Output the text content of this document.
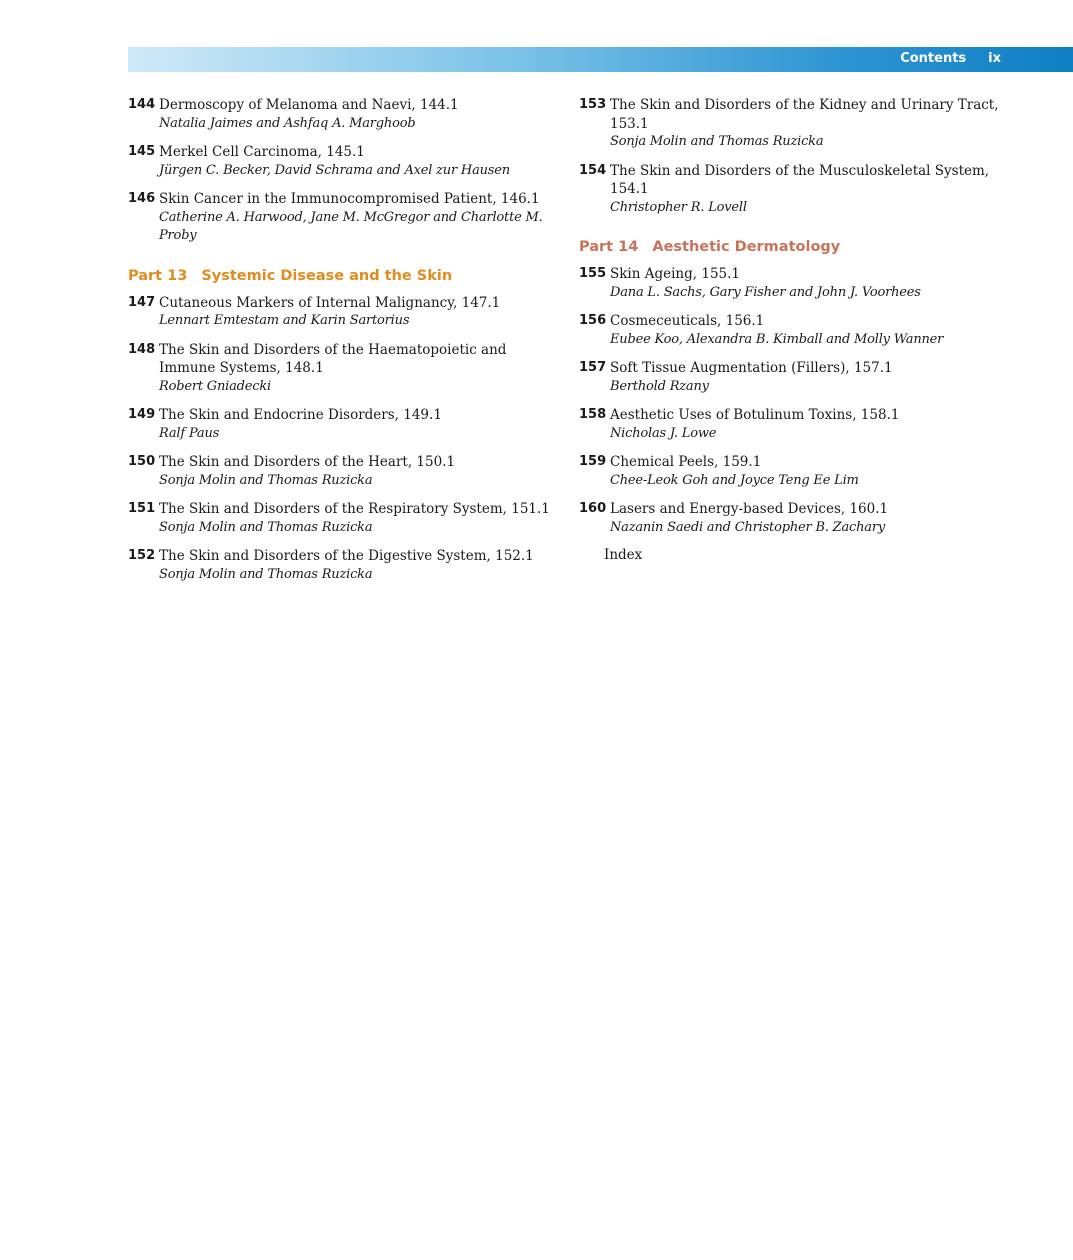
Contents ix
144 Dermoscopy of Melanoma and Naevi, 144.1
Natalia Jaimes and Ashfaq A. Marghoob
145 Merkel Cell Carcinoma, 145.1
Jürgen C. Becker, David Schrama and Axel zur Hausen
146 Skin Cancer in the Immunocompromised Patient, 146.1
Catherine A. Harwood, Jane M. McGregor and Charlotte M. Proby
Part 13 Systemic Disease and the Skin
147 Cutaneous Markers of Internal Malignancy, 147.1
Lennart Emtestam and Karin Sartorius
148 The Skin and Disorders of the Haematopoietic and Immune Systems, 148.1
Robert Gniadecki
149 The Skin and Endocrine Disorders, 149.1
Ralf Paus
150 The Skin and Disorders of the Heart, 150.1
Sonja Molin and Thomas Ruzicka
151 The Skin and Disorders of the Respiratory System, 151.1
Sonja Molin and Thomas Ruzicka
152 The Skin and Disorders of the Digestive System, 152.1
Sonja Molin and Thomas Ruzicka
153 The Skin and Disorders of the Kidney and Urinary Tract, 153.1
Sonja Molin and Thomas Ruzicka
154 The Skin and Disorders of the Musculoskeletal System, 154.1
Christopher R. Lovell
Part 14 Aesthetic Dermatology
155 Skin Ageing, 155.1
Dana L. Sachs, Gary Fisher and John J. Voorhees
156 Cosmeceuticals, 156.1
Eubee Koo, Alexandra B. Kimball and Molly Wanner
157 Soft Tissue Augmentation (Fillers), 157.1
Berthold Rzany
158 Aesthetic Uses of Botulinum Toxins, 158.1
Nicholas J. Lowe
159 Chemical Peels, 159.1
Chee-Leok Goh and Joyce Teng Ee Lim
160 Lasers and Energy-based Devices, 160.1
Nazanin Saedi and Christopher B. Zachary
Index
